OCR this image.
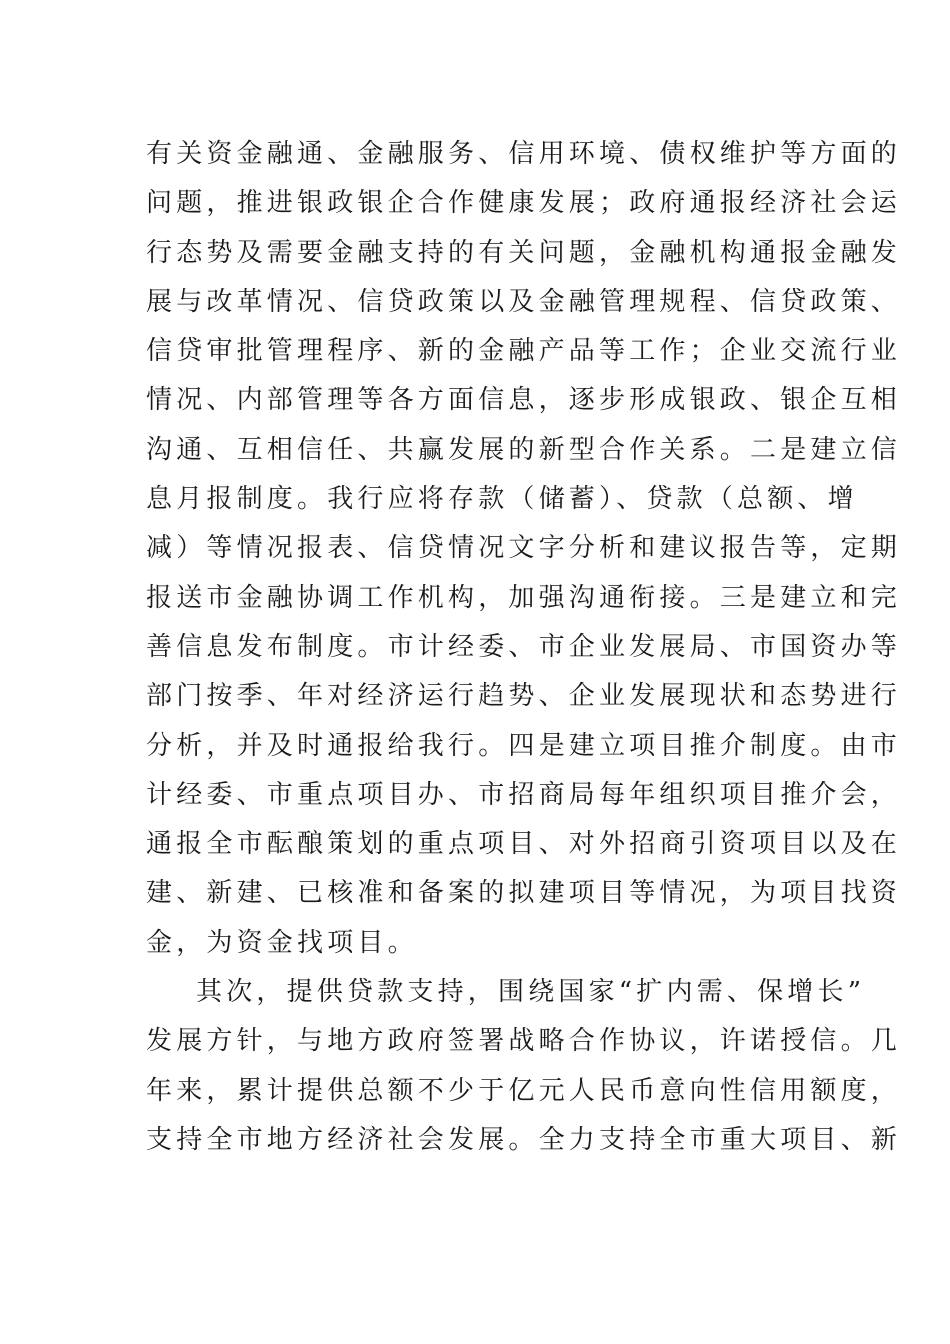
有关资金融通、金融服务、信用环境、债权维护等方面的
问题，推进银政银企合作健康发展；政府通报经济社会运
行态势及需要金融支持的有关问题，金融机构通报金融发
展与改革情况、信贷政策以及金融管理规程、信贷政策、
信贷审批管理程序、新的金融产品等工作；企业交流行业
情况、内部管理等各方面信息，逐步形成银政、银企互相
沟通、互相信任、共赢发展的新型合作关系。二是建立信
息月报制度。我行应将存款（储蓄）、贷款（总额、增
减）等情况报表、信贷情况文字分析和建议报告等，定期
报送市金融协调工作机构，加强沟通衔接。三是建立和完
善信息发布制度。市计经委、市企业发展局、市国资办等
部门按季、年对经济运行趋势、企业发展现状和态势进行
分析，并及时通报给我行。四是建立项目推介制度。由市
计经委、市重点项目办、市招商局每年组织项目推介会，
通报全市酝酿策划的重点项目、对外招商引资项目以及在
建、新建、已核准和备案的拟建项目等情况，为项目找资
金，为资金找项目。
其次，提供贷款支持，围绕国家“扩内需、保增长”
发展方针，与地方政府签署战略合作协议，许诺授信。几
年来，累计提供总额不少于亿元人民币意向性信用额度，
支持全市地方经济社会发展。全力支持全市重大项目、新
